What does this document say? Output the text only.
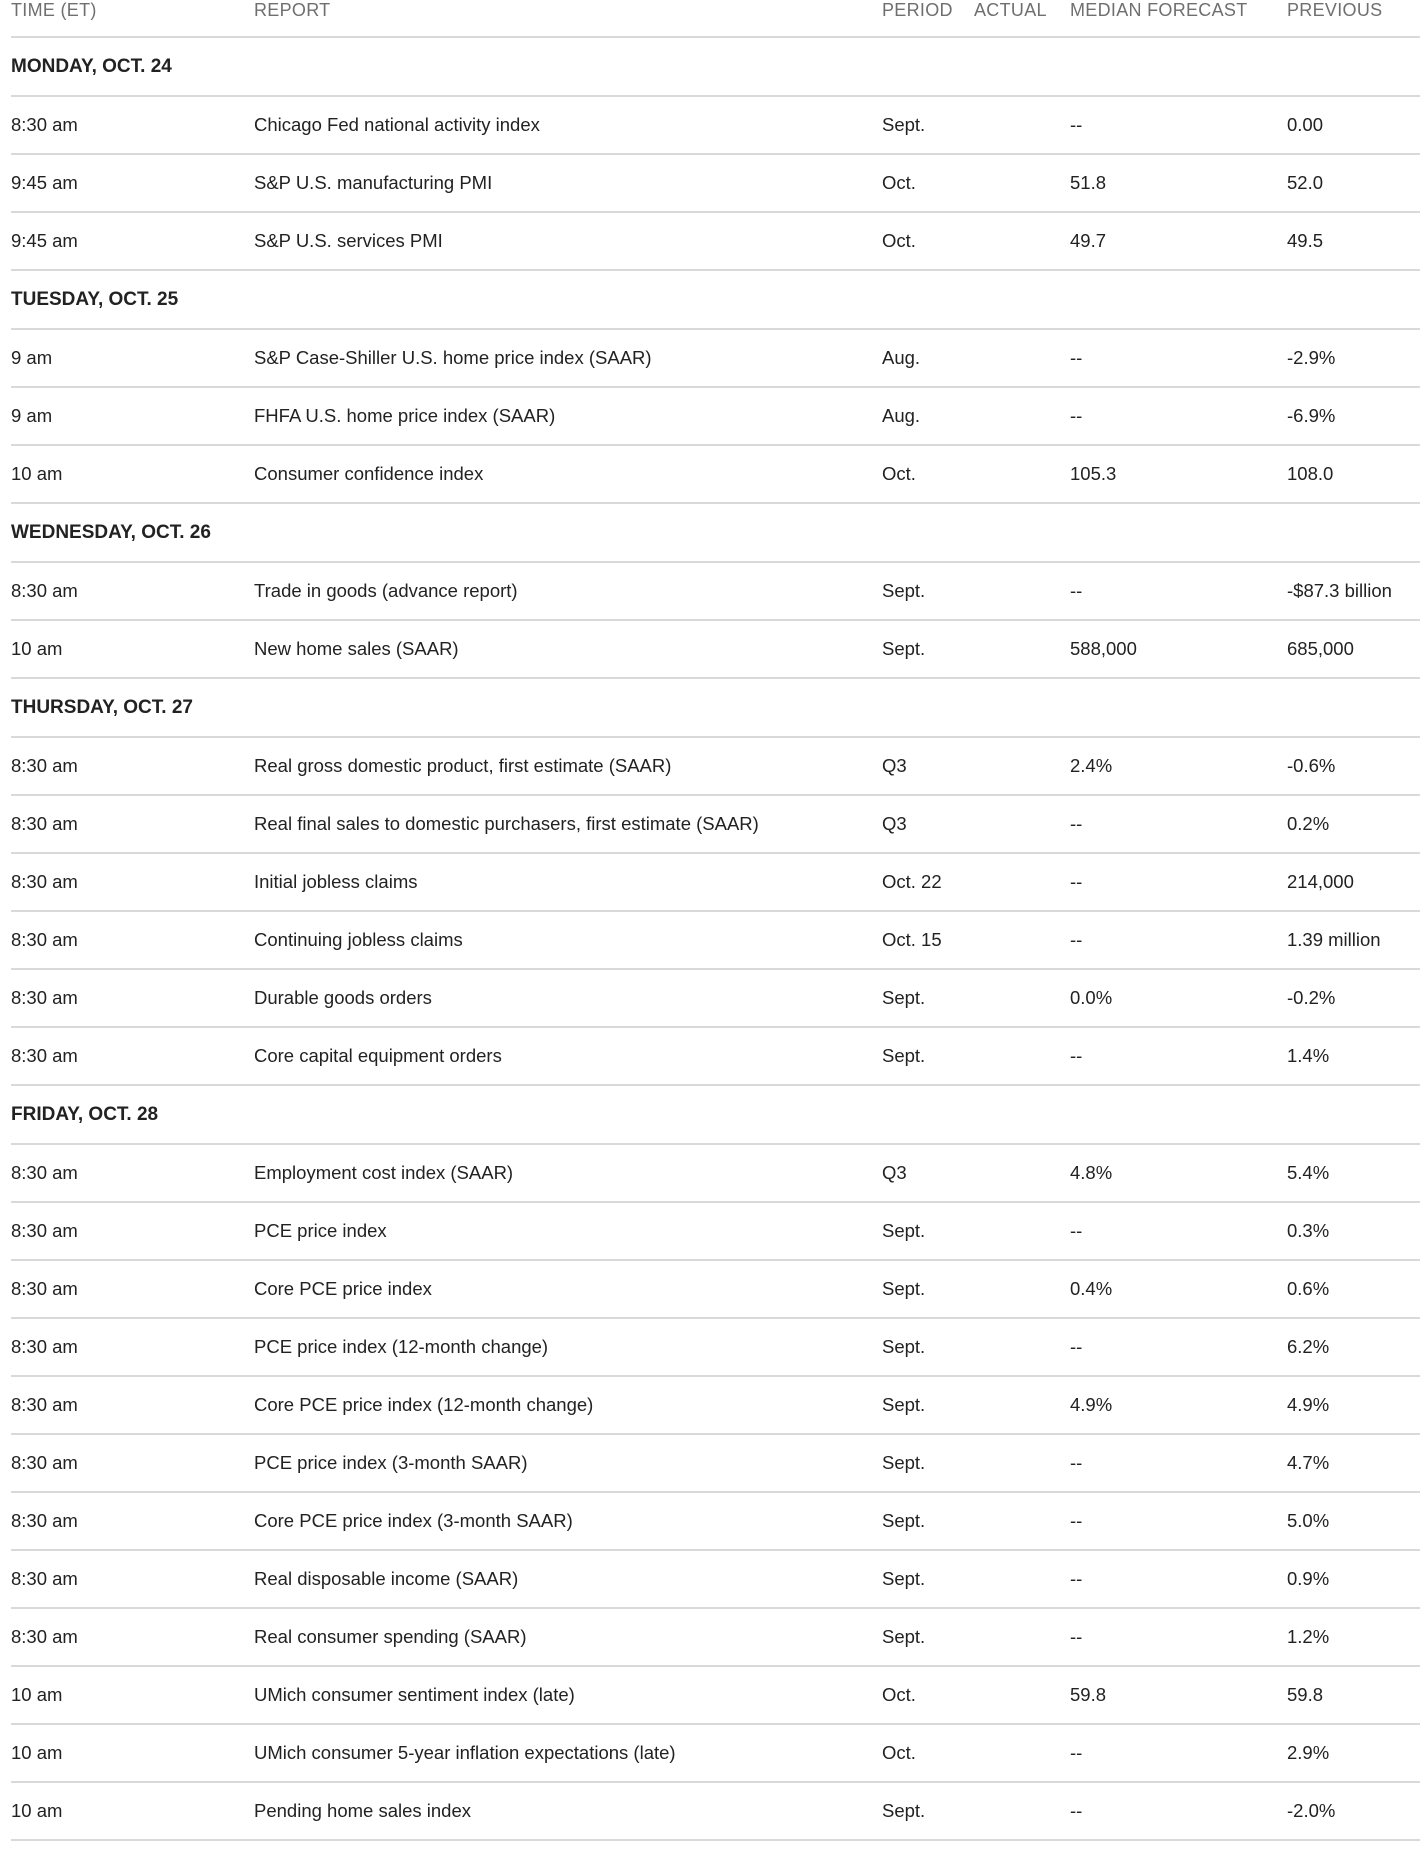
TIME (ET)	REPORT	PERIOD	ACTUAL	MEDIAN FORECAST	PREVIOUS
MONDAY, OCT. 24					
8:30 am	Chicago Fed national activity index	Sept.		--	0.00
9:45 am	S&P U.S. manufacturing PMI	Oct.		51.8	52.0
9:45 am	S&P U.S. services PMI	Oct.		49.7	49.5
TUESDAY, OCT. 25					
9 am	S&P Case-Shiller U.S. home price index (SAAR)	Aug.		--	-2.9%
9 am	FHFA U.S. home price index (SAAR)	Aug.		--	-6.9%
10 am	Consumer confidence index	Oct.		105.3	108.0
WEDNESDAY, OCT. 26					
8:30 am	Trade in goods (advance report)	Sept.		--	-$87.3 billion
10 am	New home sales (SAAR)	Sept.		588,000	685,000
THURSDAY, OCT. 27					
8:30 am	Real gross domestic product, first estimate (SAAR)	Q3		2.4%	-0.6%
8:30 am	Real final sales to domestic purchasers, first estimate (SAAR)	Q3		--	0.2%
8:30 am	Initial jobless claims	Oct. 22		--	214,000
8:30 am	Continuing jobless claims	Oct. 15		--	1.39 million
8:30 am	Durable goods orders	Sept.		0.0%	-0.2%
8:30 am	Core capital equipment orders	Sept.		--	1.4%
FRIDAY, OCT. 28					
8:30 am	Employment cost index (SAAR)	Q3		4.8%	5.4%
8:30 am	PCE price index	Sept.		--	0.3%
8:30 am	Core PCE price index	Sept.		0.4%	0.6%
8:30 am	PCE price index (12-month change)	Sept.		--	6.2%
8:30 am	Core PCE price index (12-month change)	Sept.		4.9%	4.9%
8:30 am	PCE price index (3-month SAAR)	Sept.		--	4.7%
8:30 am	Core PCE price index (3-month SAAR)	Sept.		--	5.0%
8:30 am	Real disposable income (SAAR)	Sept.		--	0.9%
8:30 am	Real consumer spending (SAAR)	Sept.		--	1.2%
10 am	UMich consumer sentiment index (late)	Oct.		59.8	59.8
10 am	UMich consumer 5-year inflation expectations (late)	Oct.		--	2.9%
10 am	Pending home sales index	Sept.		--	-2.0%
